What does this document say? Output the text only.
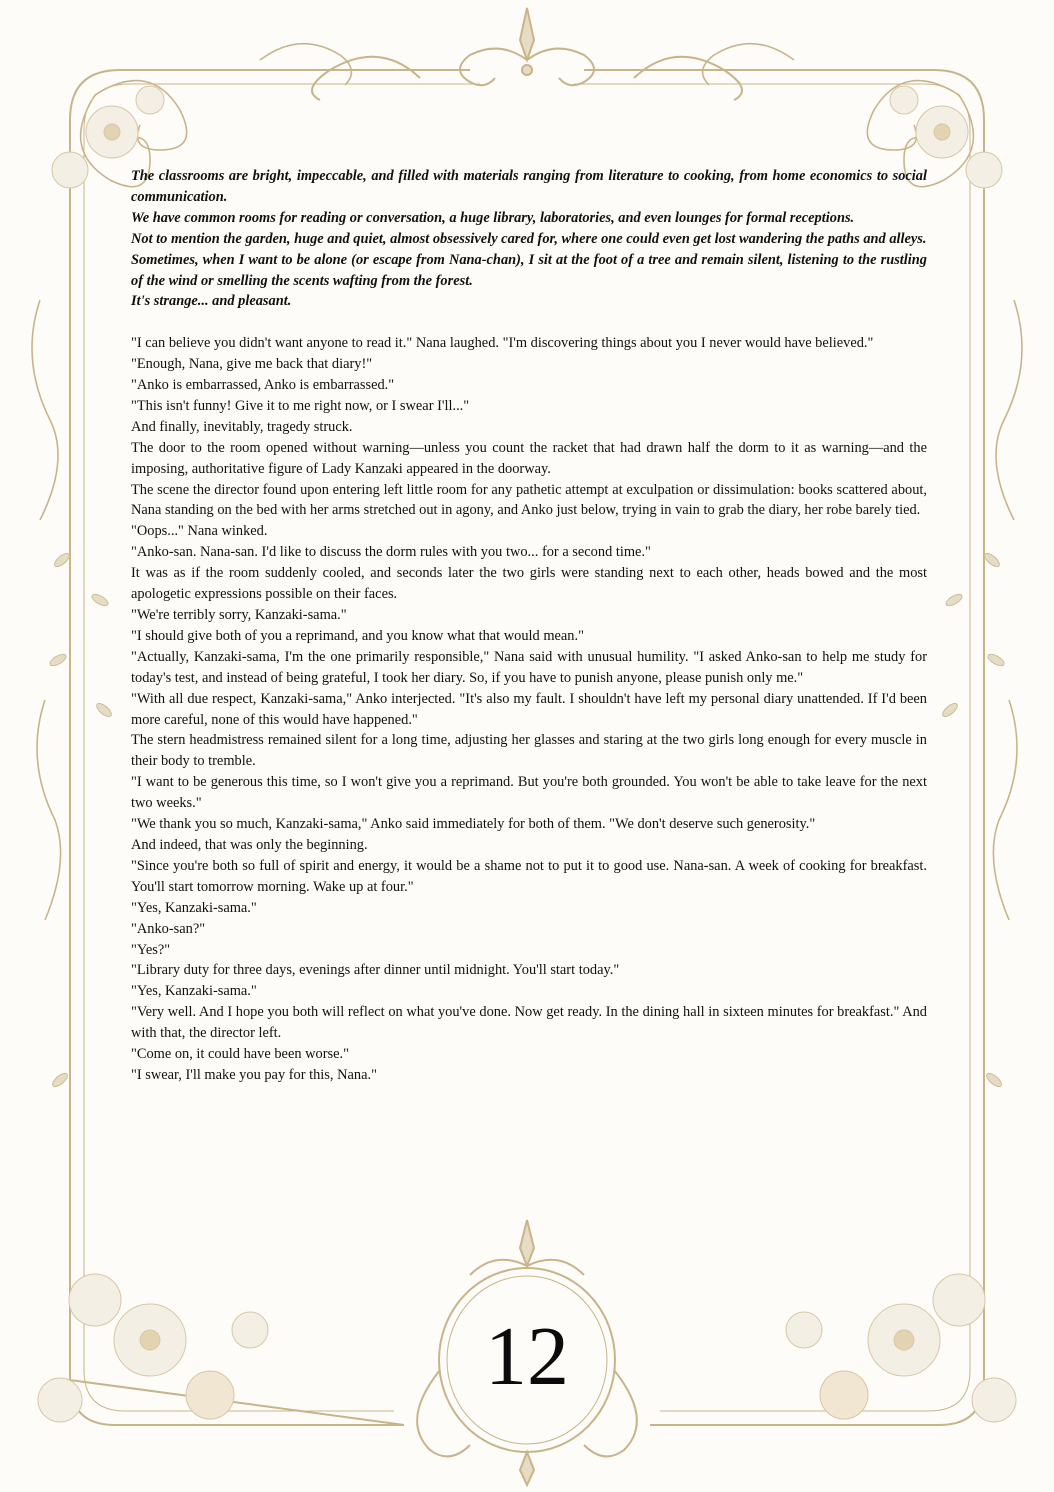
The classrooms are bright, impeccable, and filled with materials ranging from literature to cooking, from home economics to social communication.

We have common rooms for reading or conversation, a huge library, laboratories, and even lounges for formal receptions.

Not to mention the garden, huge and quiet, almost obsessively cared for, where one could even get lost wandering the paths and alleys.

Sometimes, when I want to be alone (or escape from Nana-chan), I sit at the foot of a tree and remain silent, listening to the rustling of the wind or smelling the scents wafting from the forest.

It's strange... and pleasant.

"I can believe you didn't want anyone to read it." Nana laughed. "I'm discovering things about you I never would have believed."

"Enough, Nana, give me back that diary!"

"Anko is embarrassed, Anko is embarrassed."

"This isn't funny! Give it to me right now, or I swear I'll..."

And finally, inevitably, tragedy struck.

The door to the room opened without warning—unless you count the racket that had drawn half the dorm to it as warning—and the imposing, authoritative figure of Lady Kanzaki appeared in the doorway.

The scene the director found upon entering left little room for any pathetic attempt at exculpation or dissimulation: books scattered about, Nana standing on the bed with her arms stretched out in agony, and Anko just below, trying in vain to grab the diary, her robe barely tied.

"Oops..." Nana winked.

"Anko-san. Nana-san. I'd like to discuss the dorm rules with you two... for a second time."

It was as if the room suddenly cooled, and seconds later the two girls were standing next to each other, heads bowed and the most apologetic expressions possible on their faces.

"We're terribly sorry, Kanzaki-sama."

"I should give both of you a reprimand, and you know what that would mean."

"Actually, Kanzaki-sama, I'm the one primarily responsible," Nana said with unusual humility. "I asked Anko-san to help me study for today's test, and instead of being grateful, I took her diary. So, if you have to punish anyone, please punish only me."

"With all due respect, Kanzaki-sama," Anko interjected. "It's also my fault. I shouldn't have left my personal diary unattended. If I'd been more careful, none of this would have happened."

The stern headmistress remained silent for a long time, adjusting her glasses and staring at the two girls long enough for every muscle in their body to tremble.

"I want to be generous this time, so I won't give you a reprimand. But you're both grounded. You won't be able to take leave for the next two weeks."

"We thank you so much, Kanzaki-sama," Anko said immediately for both of them. "We don't deserve such generosity."

And indeed, that was only the beginning.

"Since you're both so full of spirit and energy, it would be a shame not to put it to good use. Nana-san. A week of cooking for breakfast. You'll start tomorrow morning. Wake up at four."

"Yes, Kanzaki-sama."

"Anko-san?"

"Yes?"

"Library duty for three days, evenings after dinner until midnight. You'll start today."

"Yes, Kanzaki-sama."

"Very well. And I hope you both will reflect on what you've done. Now get ready. In the dining hall in sixteen minutes for breakfast." And with that, the director left.

"Come on, it could have been worse."

"I swear, I'll make you pay for this, Nana."

12
